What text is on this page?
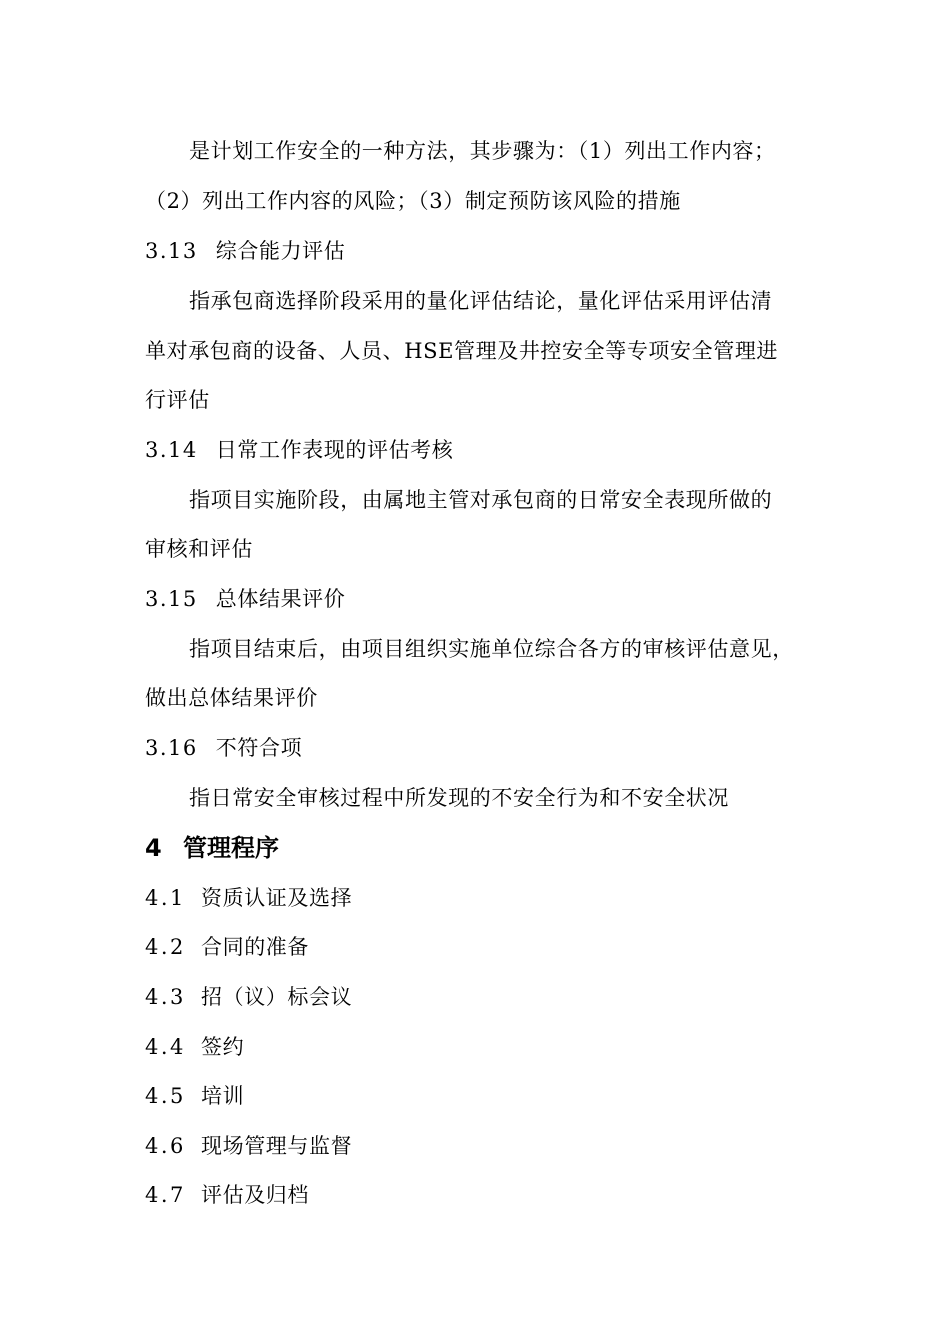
是计划工作安全的一种方法，其步骤为：（1）列出工作内容；
（2）列出工作内容的风险；（3）制定预防该风险的措施
3.13 综合能力评估
指承包商选择阶段采用的量化评估结论，量化评估采用评估清
单对承包商的设备、人员、HSE管理及井控安全等专项安全管理进
行评估
3.14 日常工作表现的评估考核
指项目实施阶段，由属地主管对承包商的日常安全表现所做的
审核和评估
3.15 总体结果评价
指项目结束后，由项目组织实施单位综合各方的审核评估意见，
做出总体结果评价
3.16 不符合项
指日常安全审核过程中所发现的不安全行为和不安全状况
4 管理程序
4.1 资质认证及选择
4.2 合同的准备
4.3 招（议）标会议
4.4 签约
4.5 培训
4.6 现场管理与监督
4.7 评估及归档
